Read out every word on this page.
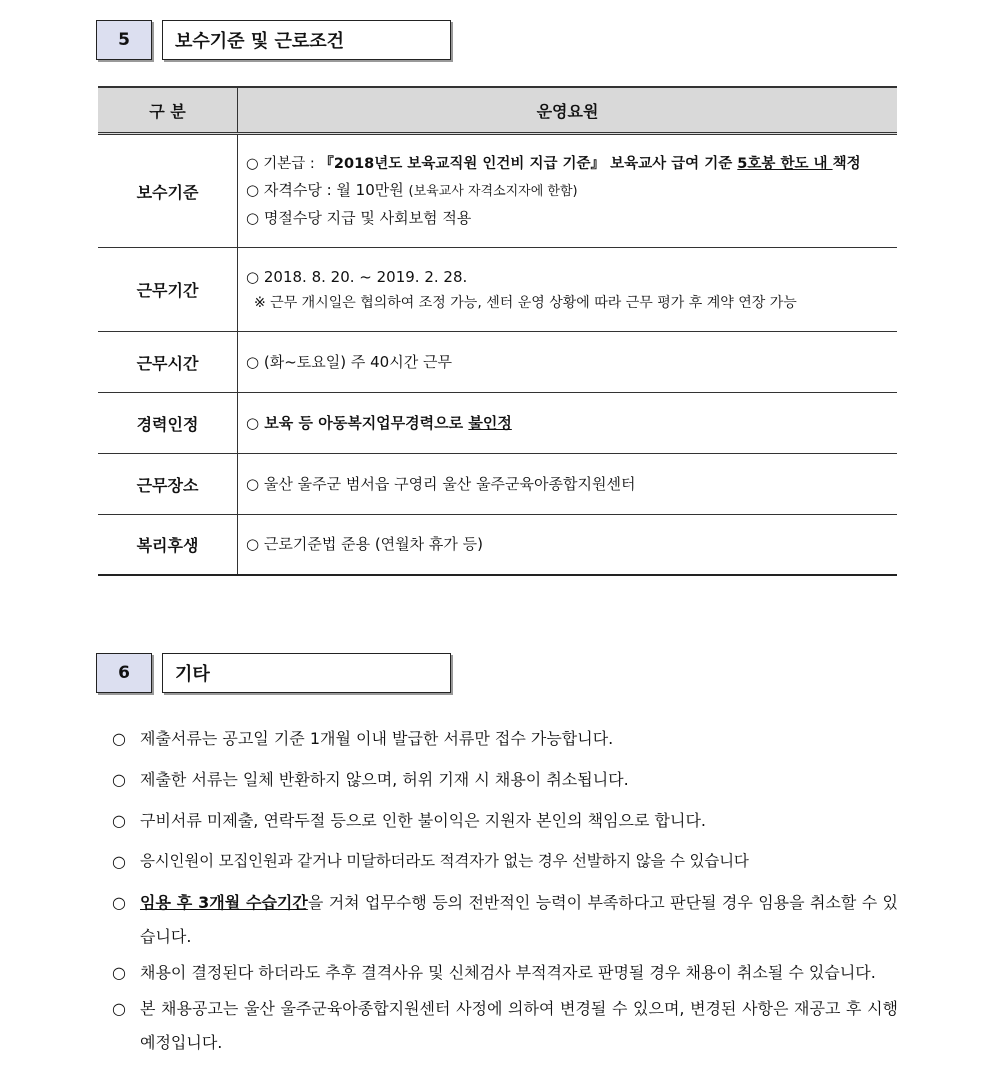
5	보수기준 및 근로조건
구 분	운영요원
보수기준	○ 기본급 : 『2018년도 보육교직원 인건비 지급 기준』 보육교사 급여 기준 5호봉 한도 내 책정
○ 자격수당 : 월 10만원 (보육교사 자격소지자에 한함)
○ 명절수당 지급 및 사회보험 적용

근무기간	○ 2018. 8. 20. ~ 2019. 2. 28.
※ 근무 개시일은 협의하여 조정 가능, 센터 운영 상황에 따라 근무 평가 후 계약 연장 가능

근무시간	○ (화~토요일) 주 40시간 근무
경력인정	○ 보육 등 아동복지업무경력으로 불인정
근무장소	○ 울산 울주군 범서읍 구영리 울산 울주군육아종합지원센터
복리후생	○ 근로기준법 준용 (연월차 휴가 등)
6	기타
○ 제출서류는 공고일 기준 1개월 이내 발급한 서류만 접수 가능합니다.
○ 제출한 서류는 일체 반환하지 않으며, 허위 기재 시 채용이 취소됩니다.
○ 구비서류 미제출, 연락두절 등으로 인한 불이익은 지원자 본인의 책임으로 합니다.
○ 응시인원이 모집인원과 같거나 미달하더라도 적격자가 없는 경우 선발하지 않을 수 있습니다
○ 임용 후 3개월 수습기간을 거쳐 업무수행 등의 전반적인 능력이 부족하다고 판단될 경우 임용을 취소할 수 있습니다.
○ 채용이 결정된다 하더라도 추후 결격사유 및 신체검사 부적격자로 판명될 경우 채용이 취소될 수 있습니다.
○ 본 채용공고는 울산 울주군육아종합지원센터 사정에 의하여 변경될 수 있으며, 변경된 사항은 재공고 후 시행 예정입니다.
